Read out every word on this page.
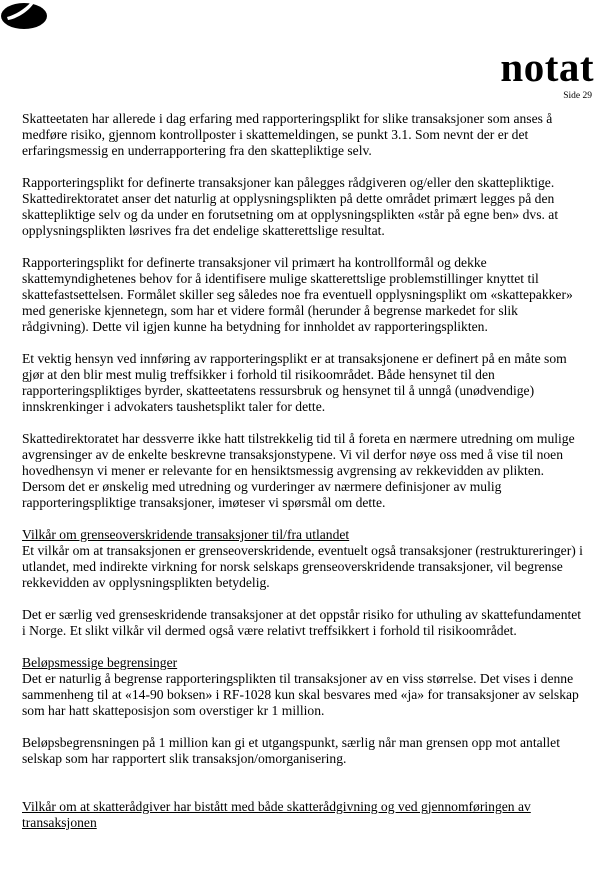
notat
Side 29

Skatteetaten har allerede i dag erfaring med rapporteringsplikt for slike transaksjoner som anses å medføre risiko, gjennom kontrollposter i skattemeldingen, se punkt 3.1. Som nevnt der er det erfaringsmessig en underrapportering fra den skattepliktige selv.

Rapporteringsplikt for definerte transaksjoner kan pålegges rådgiveren og/eller den skattepliktige. Skattedirektoratet anser det naturlig at opplysningsplikten på dette området primært legges på den skattepliktige selv og da under en forutsetning om at opplysningsplikten «står på egne ben» dvs. at opplysningsplikten løsrives fra det endelige skatterettslige resultat.

Rapporteringsplikt for definerte transaksjoner vil primært ha kontrollformål og dekke skattemyndighetenes behov for å identifisere mulige skatterettslige problemstillinger knyttet til skattefastsettelsen. Formålet skiller seg således noe fra eventuell opplysningsplikt om «skattepakker» med generiske kjennetegn, som har et videre formål (herunder å begrense markedet for slik rådgivning). Dette vil igjen kunne ha betydning for innholdet av rapporteringsplikten.

Et vektig hensyn ved innføring av rapporteringsplikt er at transaksjonene er definert på en måte som gjør at den blir mest mulig treffsikker i forhold til risikoområdet. Både hensynet til den rapporteringspliktiges byrder, skatteetatens ressursbruk og hensynet til å unngå (unødvendige) innskrenkinger i advokaters taushetsplikt taler for dette.

Skattedirektoratet har dessverre ikke hatt tilstrekkelig tid til å foreta en nærmere utredning om mulige avgrensinger av de enkelte beskrevne transaksjonstypene. Vi vil derfor nøye oss med å vise til noen hovedhensyn vi mener er relevante for en hensiktsmessig avgrensing av rekkevidden av plikten. Dersom det er ønskelig med utredning og vurderinger av nærmere definisjoner av mulig rapporteringspliktige transaksjoner, imøteser vi spørsmål om dette.

Vilkår om grenseoverskridende transaksjoner til/fra utlandet

Et vilkår om at transaksjonen er grenseoverskridende, eventuelt også transaksjoner (restruktureringer) i utlandet, med indirekte virkning for norsk selskaps grenseoverskridende transaksjoner, vil begrense rekkevidden av opplysningsplikten betydelig.

Det er særlig ved grenseskridende transaksjoner at det oppstår risiko for uthuling av skattefundamentet i Norge. Et slikt vilkår vil dermed også være relativt treffsikkert i forhold til risikoområdet.

Beløpsmessige begrensinger

Det er naturlig å begrense rapporteringsplikten til transaksjoner av en viss størrelse. Det vises i denne sammenheng til at «14-90 boksen» i RF-1028 kun skal besvares med «ja» for transaksjoner av selskap som har hatt skatteposisjon som overstiger kr 1 million.

Beløpsbegrensningen på 1 million kan gi et utgangspunkt, særlig når man grensen opp mot antallet selskap som har rapportert slik transaksjon/omorganisering.

Vilkår om at skatterådgiver har bistått med både skatterådgivning og ved gjennomføringen av transaksjonen
